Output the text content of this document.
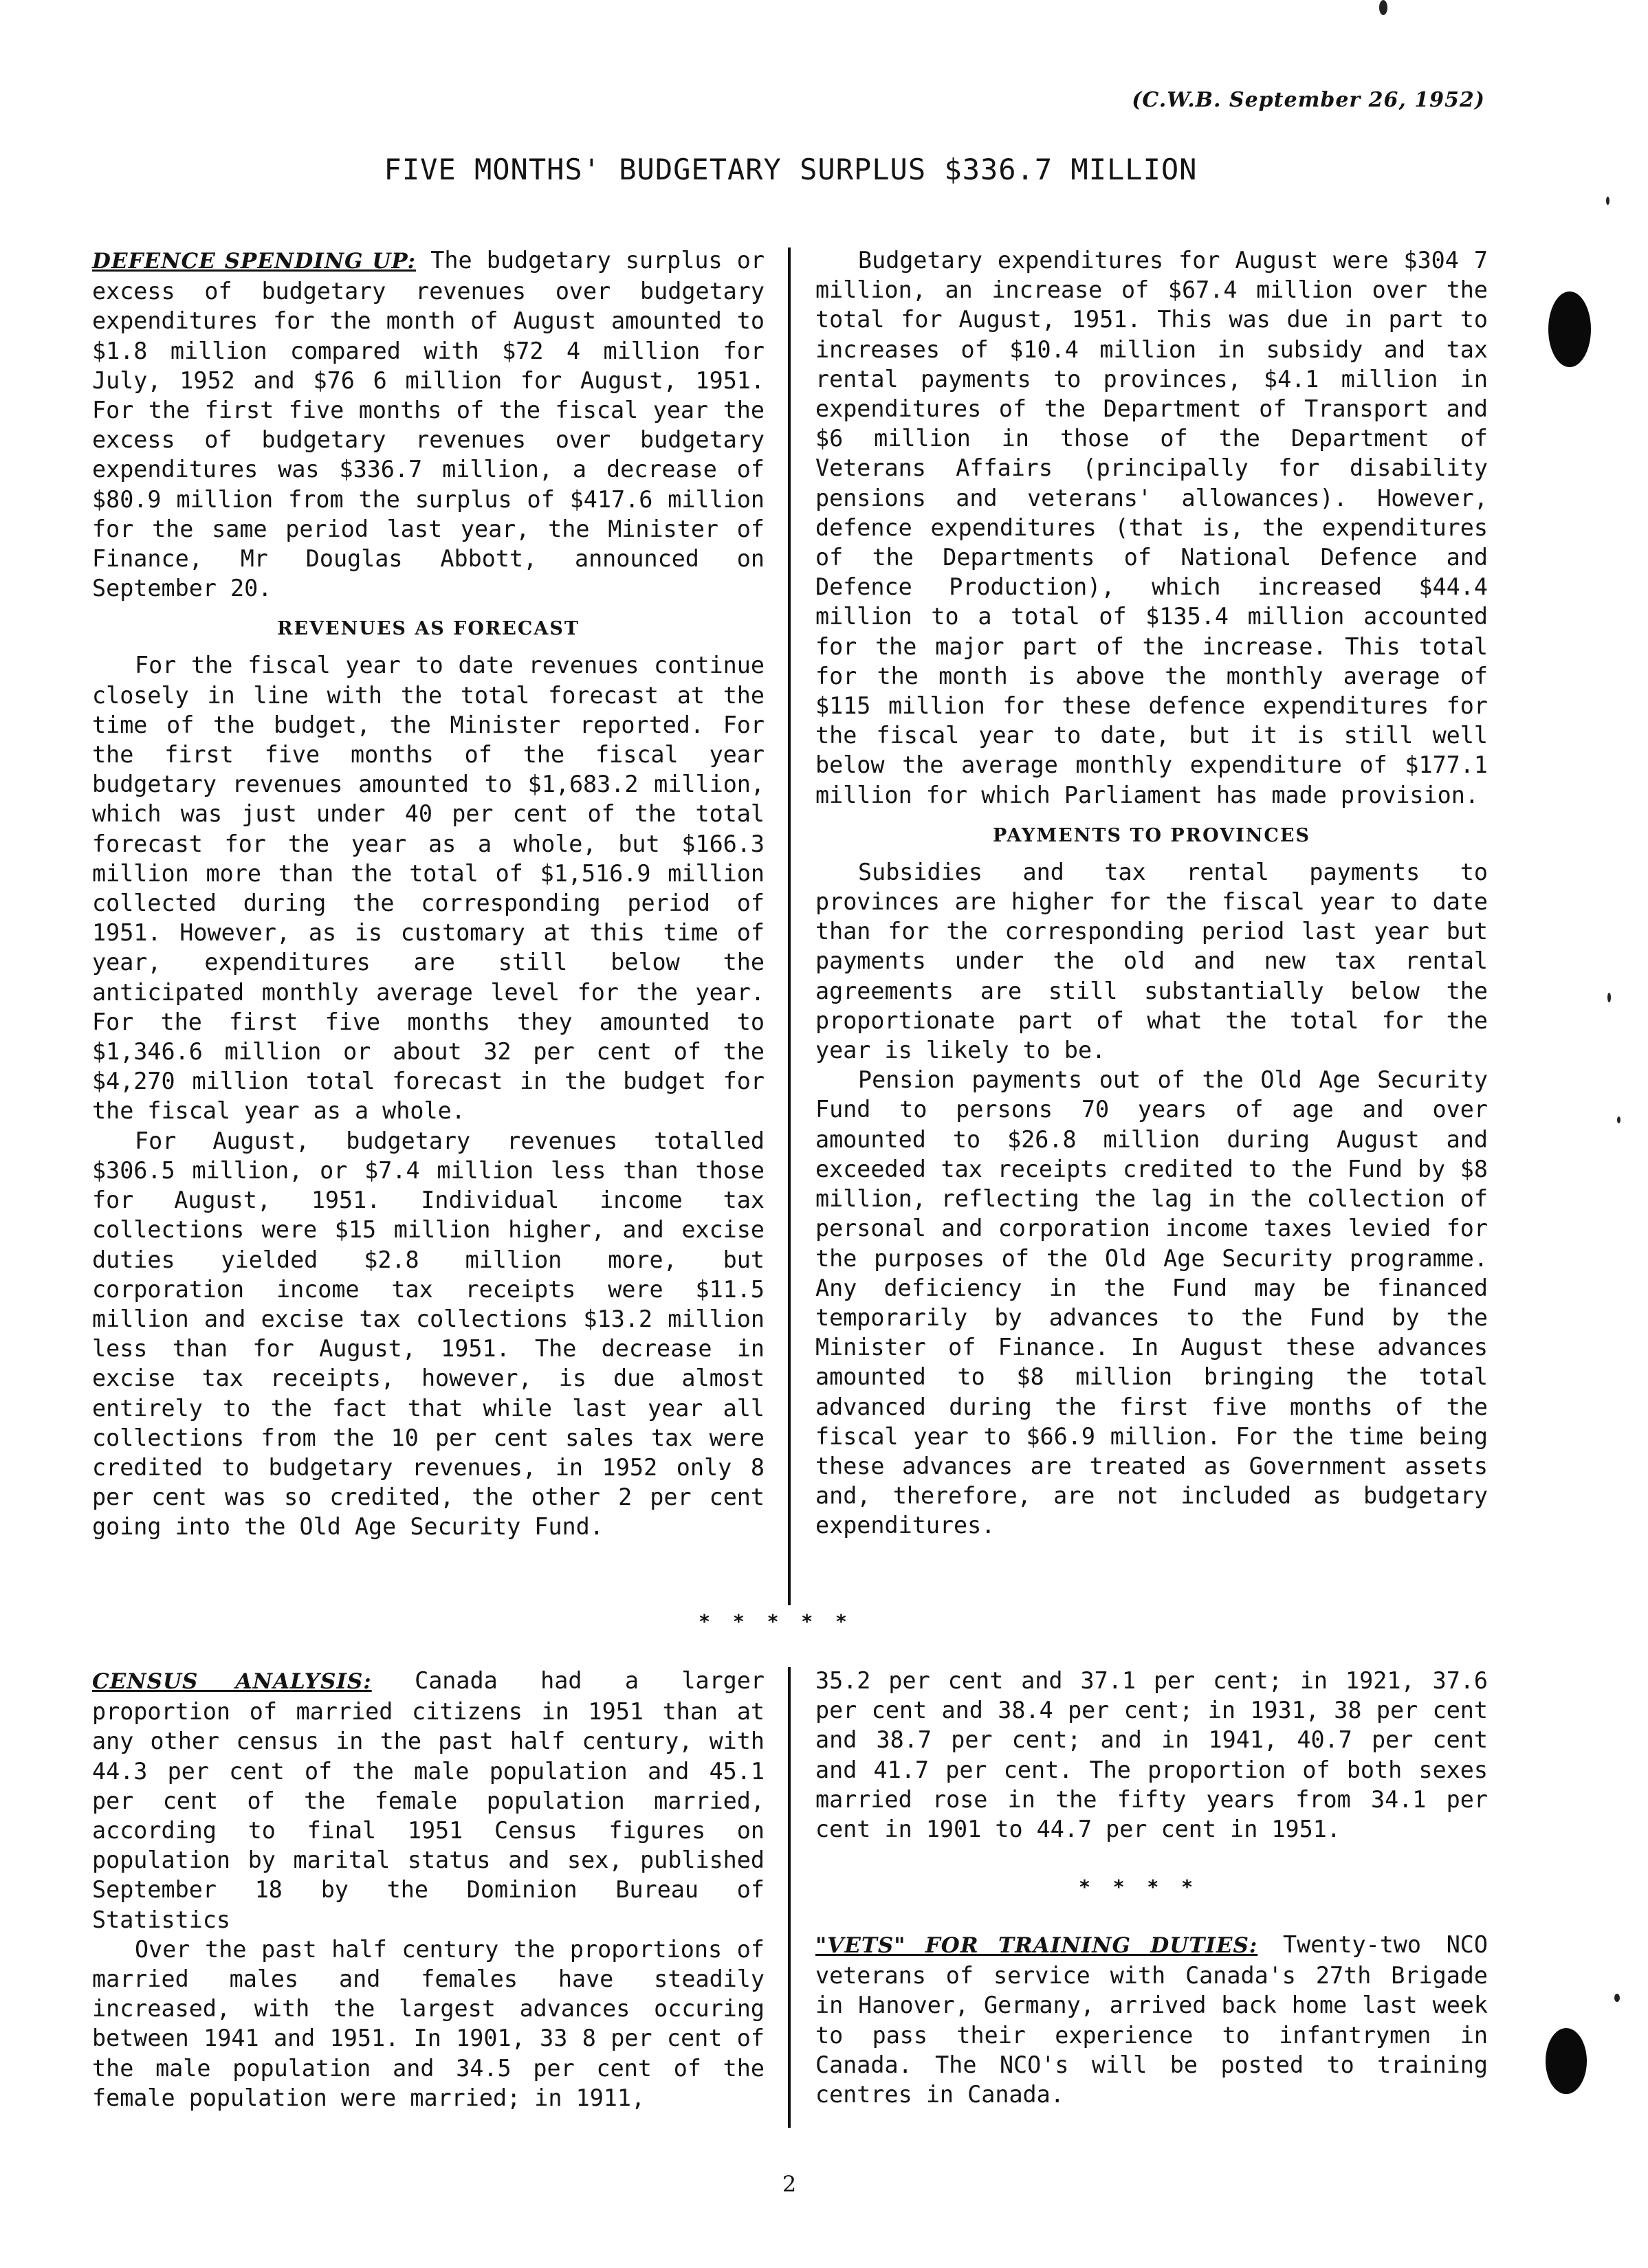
(C.W.B. September 26, 1952)
FIVE MONTHS' BUDGETARY SURPLUS $336.7 MILLION

DEFENCE SPENDING UP: The budgetary surplus or excess of budgetary revenues over budgetary expenditures for the month of August amounted to $1.8 million compared with $72 4 million for July, 1952 and $76 6 million for August, 1951. For the first five months of the fiscal year the excess of budgetary revenues over budgetary expenditures was $336.7 million, a decrease of $80.9 million from the surplus of $417.6 million for the same period last year, the Minister of Finance, Mr Douglas Abbott, announced on September 20.

REVENUES AS FORECAST

For the fiscal year to date revenues continue closely in line with the total forecast at the time of the budget, the Minister reported. For the first five months of the fiscal year budgetary revenues amounted to $1,683.2 million, which was just under 40 per cent of the total forecast for the year as a whole, but $166.3 million more than the total of $1,516.9 million collected during the corresponding period of 1951. However, as is customary at this time of year, expenditures are still below the anticipated monthly average level for the year. For the first five months they amounted to $1,346.6 million or about 32 per cent of the $4,270 million total forecast in the budget for the fiscal year as a whole.

For August, budgetary revenues totalled $306.5 million, or $7.4 million less than those for August, 1951. Individual income tax collections were $15 million higher, and excise duties yielded $2.8 million more, but corporation income tax receipts were $11.5 million and excise tax collections $13.2 million less than for August, 1951. The decrease in excise tax receipts, however, is due almost entirely to the fact that while last year all collections from the 10 per cent sales tax were credited to budgetary revenues, in 1952 only 8 per cent was so credited, the other 2 per cent going into the Old Age Security Fund.

Budgetary expenditures for August were $304 7 million, an increase of $67.4 million over the total for August, 1951. This was due in part to increases of $10.4 million in subsidy and tax rental payments to provinces, $4.1 million in expenditures of the Department of Transport and $6 million in those of the Department of Veterans Affairs (principally for disability pensions and veterans' allowances). However, defence expenditures (that is, the expenditures of the Departments of National Defence and Defence Production), which increased $44.4 million to a total of $135.4 million accounted for the major part of the increase. This total for the month is above the monthly average of $115 million for these defence expenditures for the fiscal year to date, but it is still well below the average monthly expenditure of $177.1 million for which Parliament has made provision.

PAYMENTS TO PROVINCES

Subsidies and tax rental payments to provinces are higher for the fiscal year to date than for the corresponding period last year but payments under the old and new tax rental agreements are still substantially below the proportionate part of what the total for the year is likely to be.

Pension payments out of the Old Age Security Fund to persons 70 years of age and over amounted to $26.8 million during August and exceeded tax receipts credited to the Fund by $8 million, reflecting the lag in the collection of personal and corporation income taxes levied for the purposes of the Old Age Security programme. Any deficiency in the Fund may be financed temporarily by advances to the Fund by the Minister of Finance. In August these advances amounted to $8 million bringing the total advanced during the first five months of the fiscal year to $66.9 million. For the time being these advances are treated as Government assets and, therefore, are not included as budgetary expenditures.

* * * * *

CENSUS ANALYSIS: Canada had a larger proportion of married citizens in 1951 than at any other census in the past half century, with 44.3 per cent of the male population and 45.1 per cent of the female population married, according to final 1951 Census figures on population by marital status and sex, published September 18 by the Dominion Bureau of Statistics

Over the past half century the proportions of married males and females have steadily increased, with the largest advances occuring between 1941 and 1951. In 1901, 33 8 per cent of the male population and 34.5 per cent of the female population were married; in 1911,

35.2 per cent and 37.1 per cent; in 1921, 37.6 per cent and 38.4 per cent; in 1931, 38 per cent and 38.7 per cent; and in 1941, 40.7 per cent and 41.7 per cent. The proportion of both sexes married rose in the fifty years from 34.1 per cent in 1901 to 44.7 per cent in 1951.

* * * *

"VETS" FOR TRAINING DUTIES: Twenty-two NCO veterans of service with Canada's 27th Brigade in Hanover, Germany, arrived back home last week to pass their experience to infantrymen in Canada. The NCO's will be posted to training centres in Canada.

2
